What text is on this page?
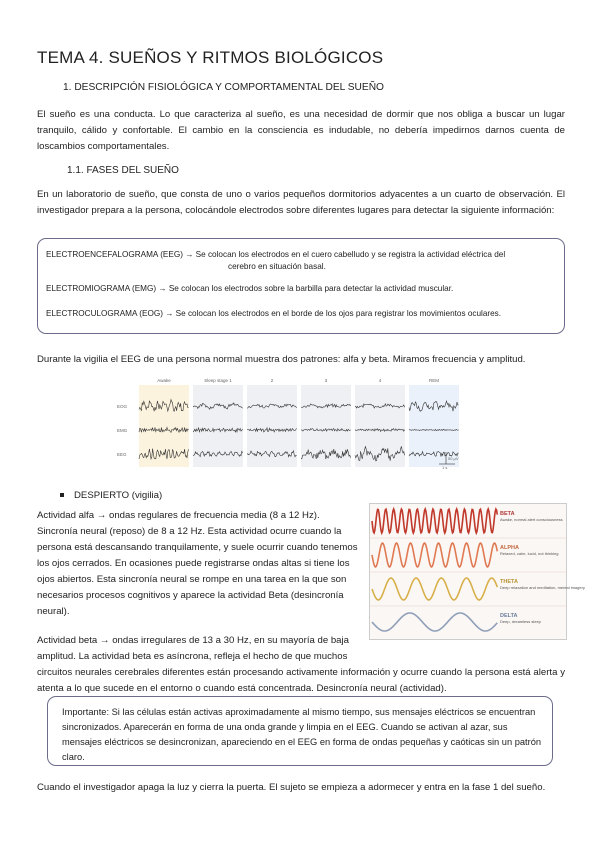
TEMA 4. SUEÑOS Y RITMOS BIOLÓGICOS
1. DESCRIPCIÓN FISIOLÓGICA Y COMPORTAMENTAL DEL SUEÑO
El sueño es una conducta. Lo que caracteriza al sueño, es una necesidad de dormir que nos obliga a buscar un lugar tranquilo, cálido y confortable. El cambio en la consciencia es indudable, no debería impedirnos darnos cuenta de loscambios comportamentales.
1.1. FASES DEL SUEÑO
En un laboratorio de sueño, que consta de uno o varios pequeños dormitorios adyacentes a un cuarto de observación. El investigador prepara a la persona, colocándole electrodos sobre diferentes lugares para detectar la siguiente información:
ELECTROENCEFALOGRAMA (EEG) → Se colocan los electrodos en el cuero cabelludo y se registra la actividad eléctrica del
cerebro en situación basal.
ELECTROMIOGRAMA (EMG) → Se colocan los electrodos sobre la barbilla para detectar la actividad muscular.
ELECTROCULOGRAMA (EOG) → Se colocan los electrodos en el borde de los ojos para registrar los movimientos oculares.
Durante la vigilia el EEG de una persona normal muestra dos patrones: alfa y beta. Miramos frecuencia y amplitud.
Awake	Sleep stage 1	2	3	4	REM
EOG
EMG
EEG
50 μV
1 s
DESPIERTO (vigilia)
Actividad alfa → ondas regulares de frecuencia media (8 a 12 Hz). Sincronía neural (reposo) de 8 a 12 Hz. Esta actividad ocurre cuando la persona está descansando tranquilamente, y suele ocurrir cuando tenemos los ojos cerrados. En ocasiones puede registrarse ondas altas si tiene los ojos abiertos. Esta sincronía neural se rompe en una tarea en la que son necesarios procesos cognitivos y aparece la actividad Beta (desincronía neural).
BETA
Awake, normal alert consciousness
ALPHA
Relaxed, calm, lucid, not thinking
THETA
Deep relaxation and meditation, mental imagery
DELTA
Deep, dreamless sleep
Actividad beta → ondas irregulares de 13 a 30 Hz, en su mayoría de baja amplitud. La actividad beta es asíncrona, refleja el hecho de que muchos
circuitos neurales cerebrales diferentes están procesando activamente información y ocurre cuando la persona está alerta y atenta a lo que sucede en el entorno o cuando está concentrada. Desincronía neural (actividad).
Importante: Si las células están activas aproximadamente al mismo tiempo, sus mensajes eléctricos se encuentran sincronizados. Aparecerán en forma de una onda grande y limpia en el EEG. Cuando se activan al azar, sus mensajes eléctricos se desincronizan, apareciendo en el EEG en forma de ondas pequeñas y caóticas sin un patrón claro.
Cuando el investigador apaga la luz y cierra la puerta. El sujeto se empieza a adormecer y entra en la fase 1 del sueño.
